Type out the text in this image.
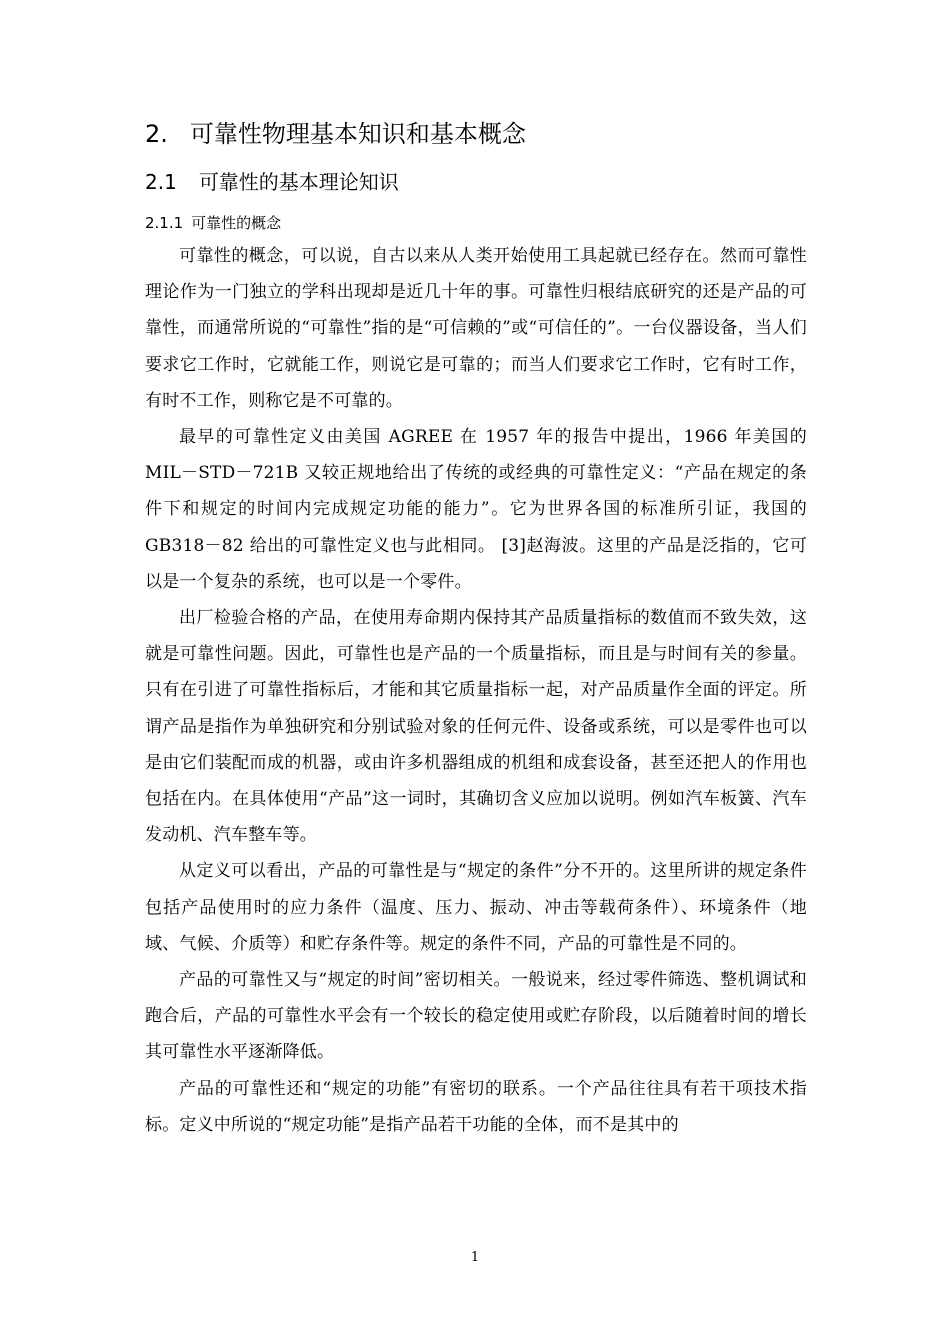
2. 可靠性物理基本知识和基本概念
2.1 可靠性的基本理论知识
2.1.1 可靠性的概念

可靠性的概念，可以说，自古以来从人类开始使用工具起就已经存在。然而可靠性理论作为一门独立的学科出现却是近几十年的事。可靠性归根结底研究的还是产品的可靠性，而通常所说的“可靠性”指的是“可信赖的”或“可信任的”。一台仪器设备，当人们要求它工作时，它就能工作，则说它是可靠的；而当人们要求它工作时，它有时工作，有时不工作，则称它是不可靠的。

最早的可靠性定义由美国 AGREE 在 1957 年的报告中提出，1966 年美国的 MIL－STD－721B 又较正规地给出了传统的或经典的可靠性定义：“产品在规定的条件下和规定的时间内完成规定功能的能力”。它为世界各国的标准所引证，我国的 GB318－82 给出的可靠性定义也与此相同。 [3]赵海波。这里的产品是泛指的，它可以是一个复杂的系统，也可以是一个零件。

出厂检验合格的产品，在使用寿命期内保持其产品质量指标的数值而不致失效，这就是可靠性问题。因此，可靠性也是产品的一个质量指标，而且是与时间有关的参量。只有在引进了可靠性指标后，才能和其它质量指标一起，对产品质量作全面的评定。所谓产品是指作为单独研究和分别试验对象的任何元件、设备或系统，可以是零件也可以是由它们装配而成的机器，或由许多机器组成的机组和成套设备，甚至还把人的作用也包括在内。在具体使用“产品”这一词时，其确切含义应加以说明。例如汽车板簧、汽车发动机、汽车整车等。

从定义可以看出，产品的可靠性是与“规定的条件”分不开的。这里所讲的规定条件包括产品使用时的应力条件（温度、压力、振动、冲击等载荷条件）、环境条件（地域、气候、介质等）和贮存条件等。规定的条件不同，产品的可靠性是不同的。

产品的可靠性又与“规定的时间”密切相关。一般说来，经过零件筛选、整机调试和跑合后，产品的可靠性水平会有一个较长的稳定使用或贮存阶段，以后随着时间的增长其可靠性水平逐渐降低。

产品的可靠性还和“规定的功能”有密切的联系。一个产品往往具有若干项技术指标。定义中所说的“规定功能”是指产品若干功能的全体，而不是其中的

1
